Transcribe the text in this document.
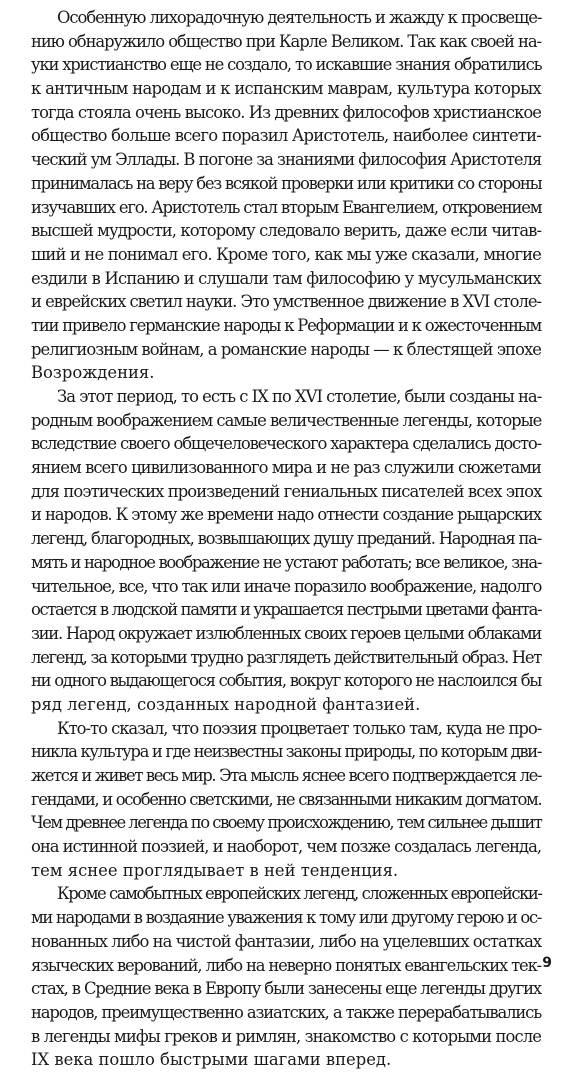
Особенную лихорадочную деятельность и жажду к просвеще-
нию обнаружило общество при Карле Великом. Так как своей на-
уки христианство еще не создало, то искавшие знания обратились
к античным народам и к испанским маврам, культура которых
тогда стояла очень высоко. Из древних философов христианское
общество больше всего поразил Аристотель, наиболее синтети-
ческий ум Эллады. В погоне за знаниями философия Аристотеля
принималась на веру без всякой проверки или критики со стороны
изучавших его. Аристотель стал вторым Евангелием, откровением
высшей мудрости, которому следовало верить, даже если читав-
ший и не понимал его. Кроме того, как мы уже сказали, многие
ездили в Испанию и слушали там философию у мусульманских
и еврейских светил науки. Это умственное движение в XVI столе-
тии привело германские народы к Реформации и к ожесточенным
религиозным войнам, а романские народы — к блестящей эпохе
Возрождения.
За этот период, то есть с IX по XVI столетие, были созданы на-
родным воображением самые величественные легенды, которые
вследствие своего общечеловеческого характера сделались досто-
янием всего цивилизованного мира и не раз служили сюжетами
для поэтических произведений гениальных писателей всех эпох
и народов. К этому же времени надо отнести создание рыцарских
легенд, благородных, возвышающих душу преданий. Народная па-
мять и народное воображение не устают работать; все великое, зна-
чительное, все, что так или иначе поразило воображение, надолго
остается в людской памяти и украшается пестрыми цветами фанта-
зии. Народ окружает излюбленных своих героев целыми облаками
легенд, за которыми трудно разглядеть действительный образ. Нет
ни одного выдающегося события, вокруг которого не наслоился бы
ряд легенд, созданных народной фантазией.
Кто-то сказал, что поэзия процветает только там, куда не про-
никла культура и где неизвестны законы природы, по которым дви-
жется и живет весь мир. Эта мысль яснее всего подтверждается ле-
гендами, и особенно светскими, не связанными никаким догматом.
Чем древнее легенда по своему происхождению, тем сильнее дышит
она истинной поэзией, и наоборот, чем позже создалась легенда,
тем яснее проглядывает в ней тенденция.
Кроме самобытных европейских легенд, сложенных европейски-
ми народами в воздаяние уважения к тому или другому герою и ос-
нованных либо на чистой фантазии, либо на уцелевших остатках
языческих верований, либо на неверно понятых евангельских тек-
стах, в Средние века в Европу были занесены еще легенды других
народов, преимущественно азиатских, а также перерабатывались
в легенды мифы греков и римлян, знакомство с которыми после
IX века пошло быстрыми шагами вперед.
9
